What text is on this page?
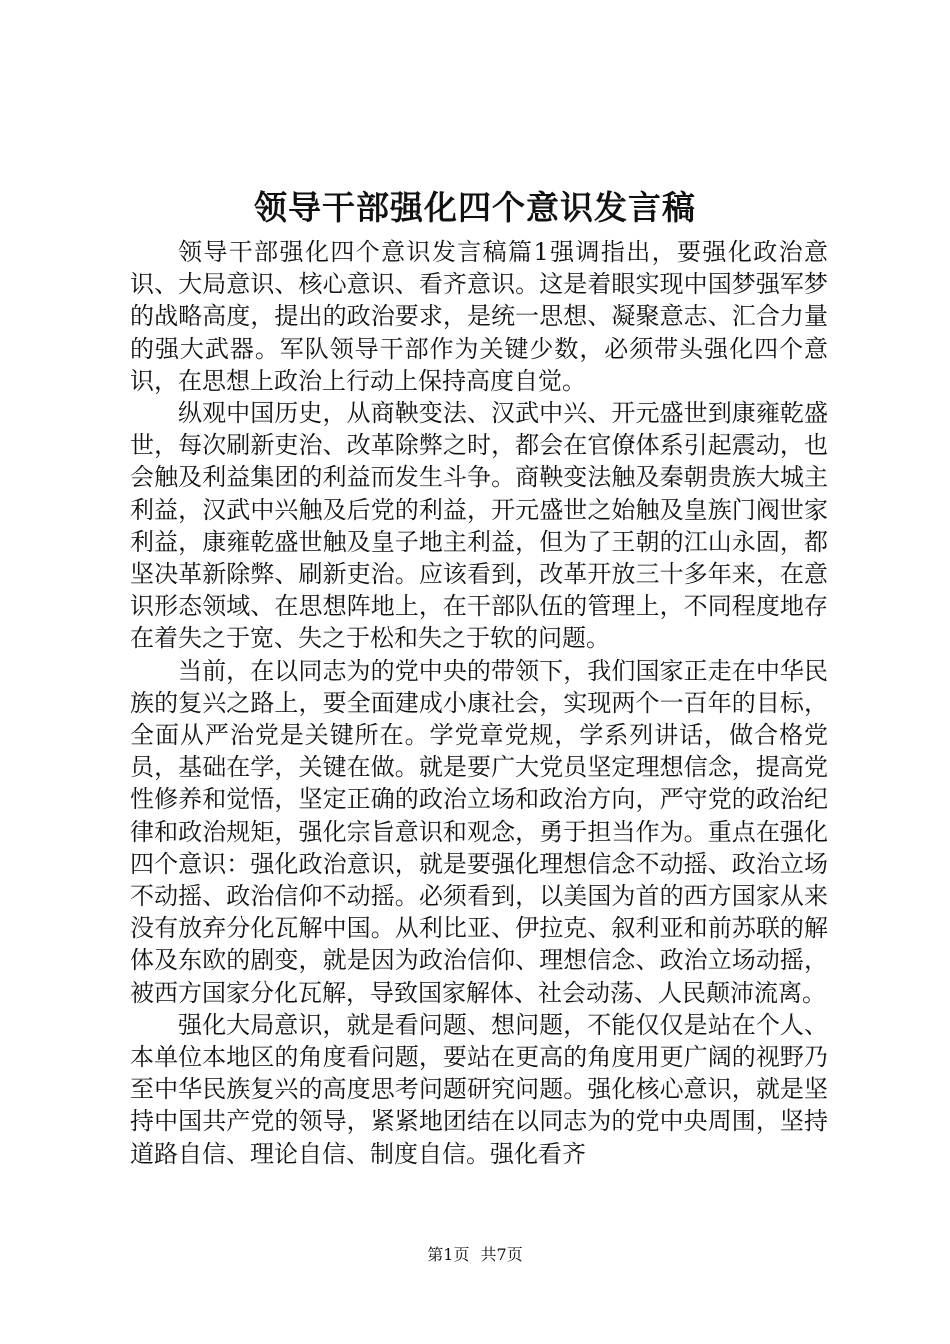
领导干部强化四个意识发言稿

领导干部强化四个意识发言稿篇1强调指出，要强化政治意识、大局意识、核心意识、看齐意识。这是着眼实现中国梦强军梦的战略高度，提出的政治要求，是统一思想、凝聚意志、汇合力量的强大武器。军队领导干部作为关键少数，必须带头强化四个意识，在思想上政治上行动上保持高度自觉。

纵观中国历史，从商鞅变法、汉武中兴、开元盛世到康雍乾盛世，每次刷新吏治、改革除弊之时，都会在官僚体系引起震动，也会触及利益集团的利益而发生斗争。商鞅变法触及秦朝贵族大城主利益，汉武中兴触及后党的利益，开元盛世之始触及皇族门阀世家利益，康雍乾盛世触及皇子地主利益，但为了王朝的江山永固，都坚决革新除弊、刷新吏治。应该看到，改革开放三十多年来，在意识形态领域、在思想阵地上，在干部队伍的管理上，不同程度地存在着失之于宽、失之于松和失之于软的问题。

当前，在以同志为的党中央的带领下，我们国家正走在中华民族的复兴之路上，要全面建成小康社会，实现两个一百年的目标，全面从严治党是关键所在。学党章党规，学系列讲话，做合格党员，基础在学，关键在做。就是要广大党员坚定理想信念，提高党性修养和觉悟，坚定正确的政治立场和政治方向，严守党的政治纪律和政治规矩，强化宗旨意识和观念，勇于担当作为。重点在强化四个意识：强化政治意识，就是要强化理想信念不动摇、政治立场不动摇、政治信仰不动摇。必须看到，以美国为首的西方国家从来没有放弃分化瓦解中国。从利比亚、伊拉克、叙利亚和前苏联的解体及东欧的剧变，就是因为政治信仰、理想信念、政治立场动摇，被西方国家分化瓦解，导致国家解体、社会动荡、人民颠沛流离。

强化大局意识，就是看问题、想问题，不能仅仅是站在个人、本单位本地区的角度看问题，要站在更高的角度用更广阔的视野乃至中华民族复兴的高度思考问题研究问题。强化核心意识，就是坚持中国共产党的领导，紧紧地团结在以同志为的党中央周围，坚持道路自信、理论自信、制度自信。强化看齐

第1页 共7页
